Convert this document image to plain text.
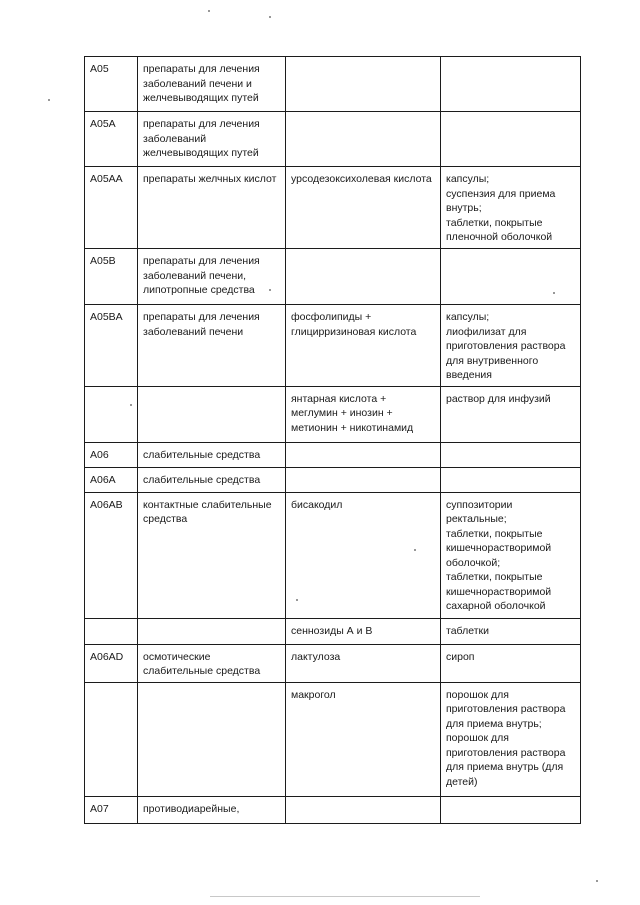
A05	препараты для лечения заболеваний печени и желчевыводящих путей		
A05A	препараты для лечения заболеваний желчевыводящих путей		
A05AA	препараты желчных кислот	урсодезоксихолевая кислота	капсулы;
суспензия для приема внутрь;
таблетки, покрытые пленочной оболочкой
A05B	препараты для лечения заболеваний печени, липотропные средства		
A05BA	препараты для лечения заболеваний печени	фосфолипиды + глицирризиновая кислота	капсулы;
лиофилизат для приготовления раствора для внутривенного введения
		янтарная кислота + меглумин + инозин + метионин + никотинамид	раствор для инфузий
A06	слабительные средства		
A06A	слабительные средства		
A06AB	контактные слабительные средства	бисакодил	суппозитории ректальные;
таблетки, покрытые кишечнорастворимой оболочкой;
таблетки, покрытые кишечнорастворимой сахарной оболочкой
		сеннозиды А и В	таблетки
A06AD	осмотические слабительные средства	лактулоза	сироп
		макрогол	порошок для приготовления раствора для приема внутрь;
порошок для приготовления раствора для приема внутрь (для детей)
A07	противодиарейные,		
